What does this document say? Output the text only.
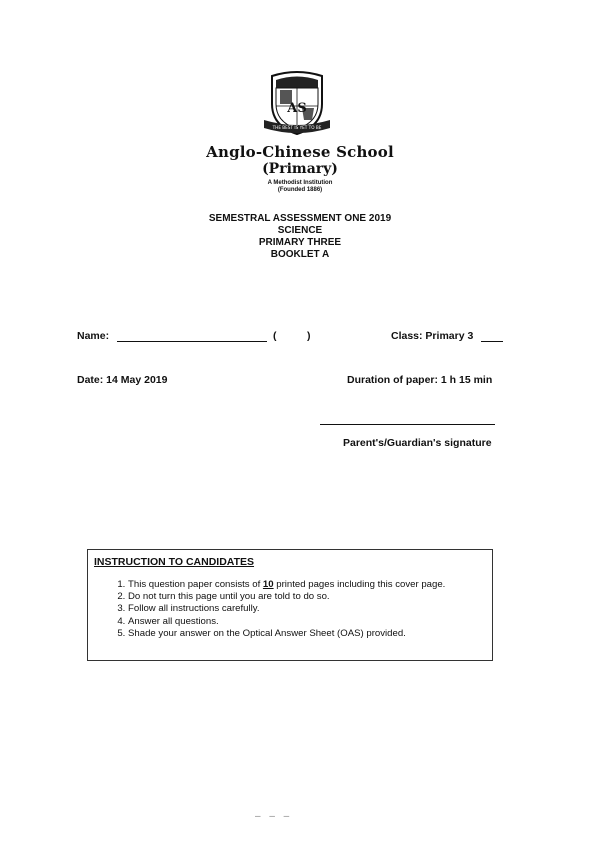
AS
THE BEST IS YET TO BE
Anglo-Chinese School
(Primary)
A Methodist Institution
(Founded 1886)
SEMESTRAL ASSESSMENT ONE 2019
SCIENCE
PRIMARY THREE
BOOKLET A
Name:	(	)	Class: Primary 3
Date: 14 May 2019	Duration of paper: 1 h 15 min
Parent's/Guardian's signature
INSTRUCTION TO CANDIDATES
1. This question paper consists of 10 printed pages including this cover page.
2. Do not turn this page until you are told to do so.
3. Follow all instructions carefully.
4. Answer all questions.
5. Shade your answer on the Optical Answer Sheet (OAS) provided.
– – –
